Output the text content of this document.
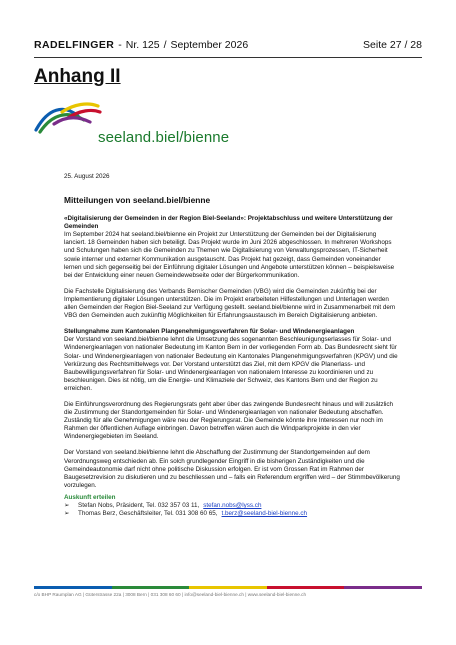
RADELFINGER - Nr. 125 / September 2026	Seite 27 / 28
Anhang II
seeland.biel/bienne

25. August 2026

Mitteilungen von seeland.biel/bienne

«Digitalisierung der Gemeinden in der Region Biel-Seeland»: Projektabschluss und weitere Unterstützung der Gemeinden

Im September 2024 hat seeland.biel/bienne ein Projekt zur Unterstützung der Gemeinden bei der Digitalisierung lanciert. 18 Gemeinden haben sich beteiligt. Das Projekt wurde im Juni 2026 abgeschlossen. In mehreren Workshops und Schulungen haben sich die Gemeinden zu Themen wie Digitalisierung von Verwaltungsprozessen, IT-Sicherheit sowie interner und externer Kommunikation ausgetauscht. Das Projekt hat gezeigt, dass Gemeinden voneinander lernen und sich gegenseitig bei der Einführung digitaler Lösungen und Angebote unterstützen können – beispielsweise bei der Entwicklung einer neuen Gemeindewebseite oder der Bürgerkommunikation.

Die Fachstelle Digitalisierung des Verbands Bernischer Gemeinden (VBG) wird die Gemeinden zukünftig bei der Implementierung digitaler Lösungen unterstützen. Die im Projekt erarbeiteten Hilfestellungen und Unterlagen werden allen Gemeinden der Region Biel-Seeland zur Verfügung gestellt. seeland.biel/bienne wird in Zusammenarbeit mit dem VBG den Gemeinden auch zukünftig Möglichkeiten für Erfahrungsaustausch im Bereich Digitalisierung anbieten.

Stellungnahme zum Kantonalen Plangenehmigungsverfahren für Solar- und Windenergieanlagen

Der Vorstand von seeland.biel/bienne lehnt die Umsetzung des sogenannten Beschleunigungserlasses für Solar- und Windenergieanlagen von nationaler Bedeutung im Kanton Bern in der vorliegenden Form ab. Das Bundesrecht sieht für Solar- und Windenergieanlagen von nationaler Bedeutung ein Kantonales Plangenehmigungsverfahren (KPGV) und die Verkürzung des Rechtsmittelwegs vor. Der Vorstand unterstützt das Ziel, mit dem KPGV die Planerlass- und Baubewilligungsverfahren für Solar- und Windenergieanlagen von nationalem Interesse zu koordinieren und zu beschleunigen. Dies ist nötig, um die Energie- und Klimaziele der Schweiz, des Kantons Bern und der Region zu erreichen.

Die Einführungsverordnung des Regierungsrats geht aber über das zwingende Bundesrecht hinaus und will zusätzlich die Zustimmung der Standortgemeinden für Solar- und Windenergieanlagen von nationaler Bedeutung abschaffen. Zuständig für alle Genehmigungen wäre neu der Regierungsrat. Die Gemeinde könnte ihre Interessen nur noch im Rahmen der öffentlichen Auflage einbringen. Davon betreffen wären auch die Windparkprojekte in den vier Windenergiegebieten im Seeland.

Der Vorstand von seeland.biel/bienne lehnt die Abschaffung der Zustimmung der Standortgemeinden auf dem Verordnungsweg entschieden ab. Ein solch grundlegender Eingriff in die bisherigen Zuständigkeiten und die Gemeindeautonomie darf nicht ohne politische Diskussion erfolgen. Er ist vom Grossen Rat im Rahmen der Baugesetzrevision zu diskutieren und zu beschliessen und – falls ein Referendum ergriffen wird – der Stimmbevölkerung vorzulegen.

Auskunft erteilen
➢	Stefan Nobs, Präsident, Tel. 032 357 03 11, stefan.nobs@lyss.ch
➢	Thomas Berz, Geschäftsleiter, Tel. 031 308 60 65, t.berz@seeland-biel-bienne.ch
c/o BHP Raumplan AG | Güterstrasse 22a | 3008 Bern | 031 308 60 60 | info@seeland-biel-bienne.ch | www.seeland-biel-bienne.ch
